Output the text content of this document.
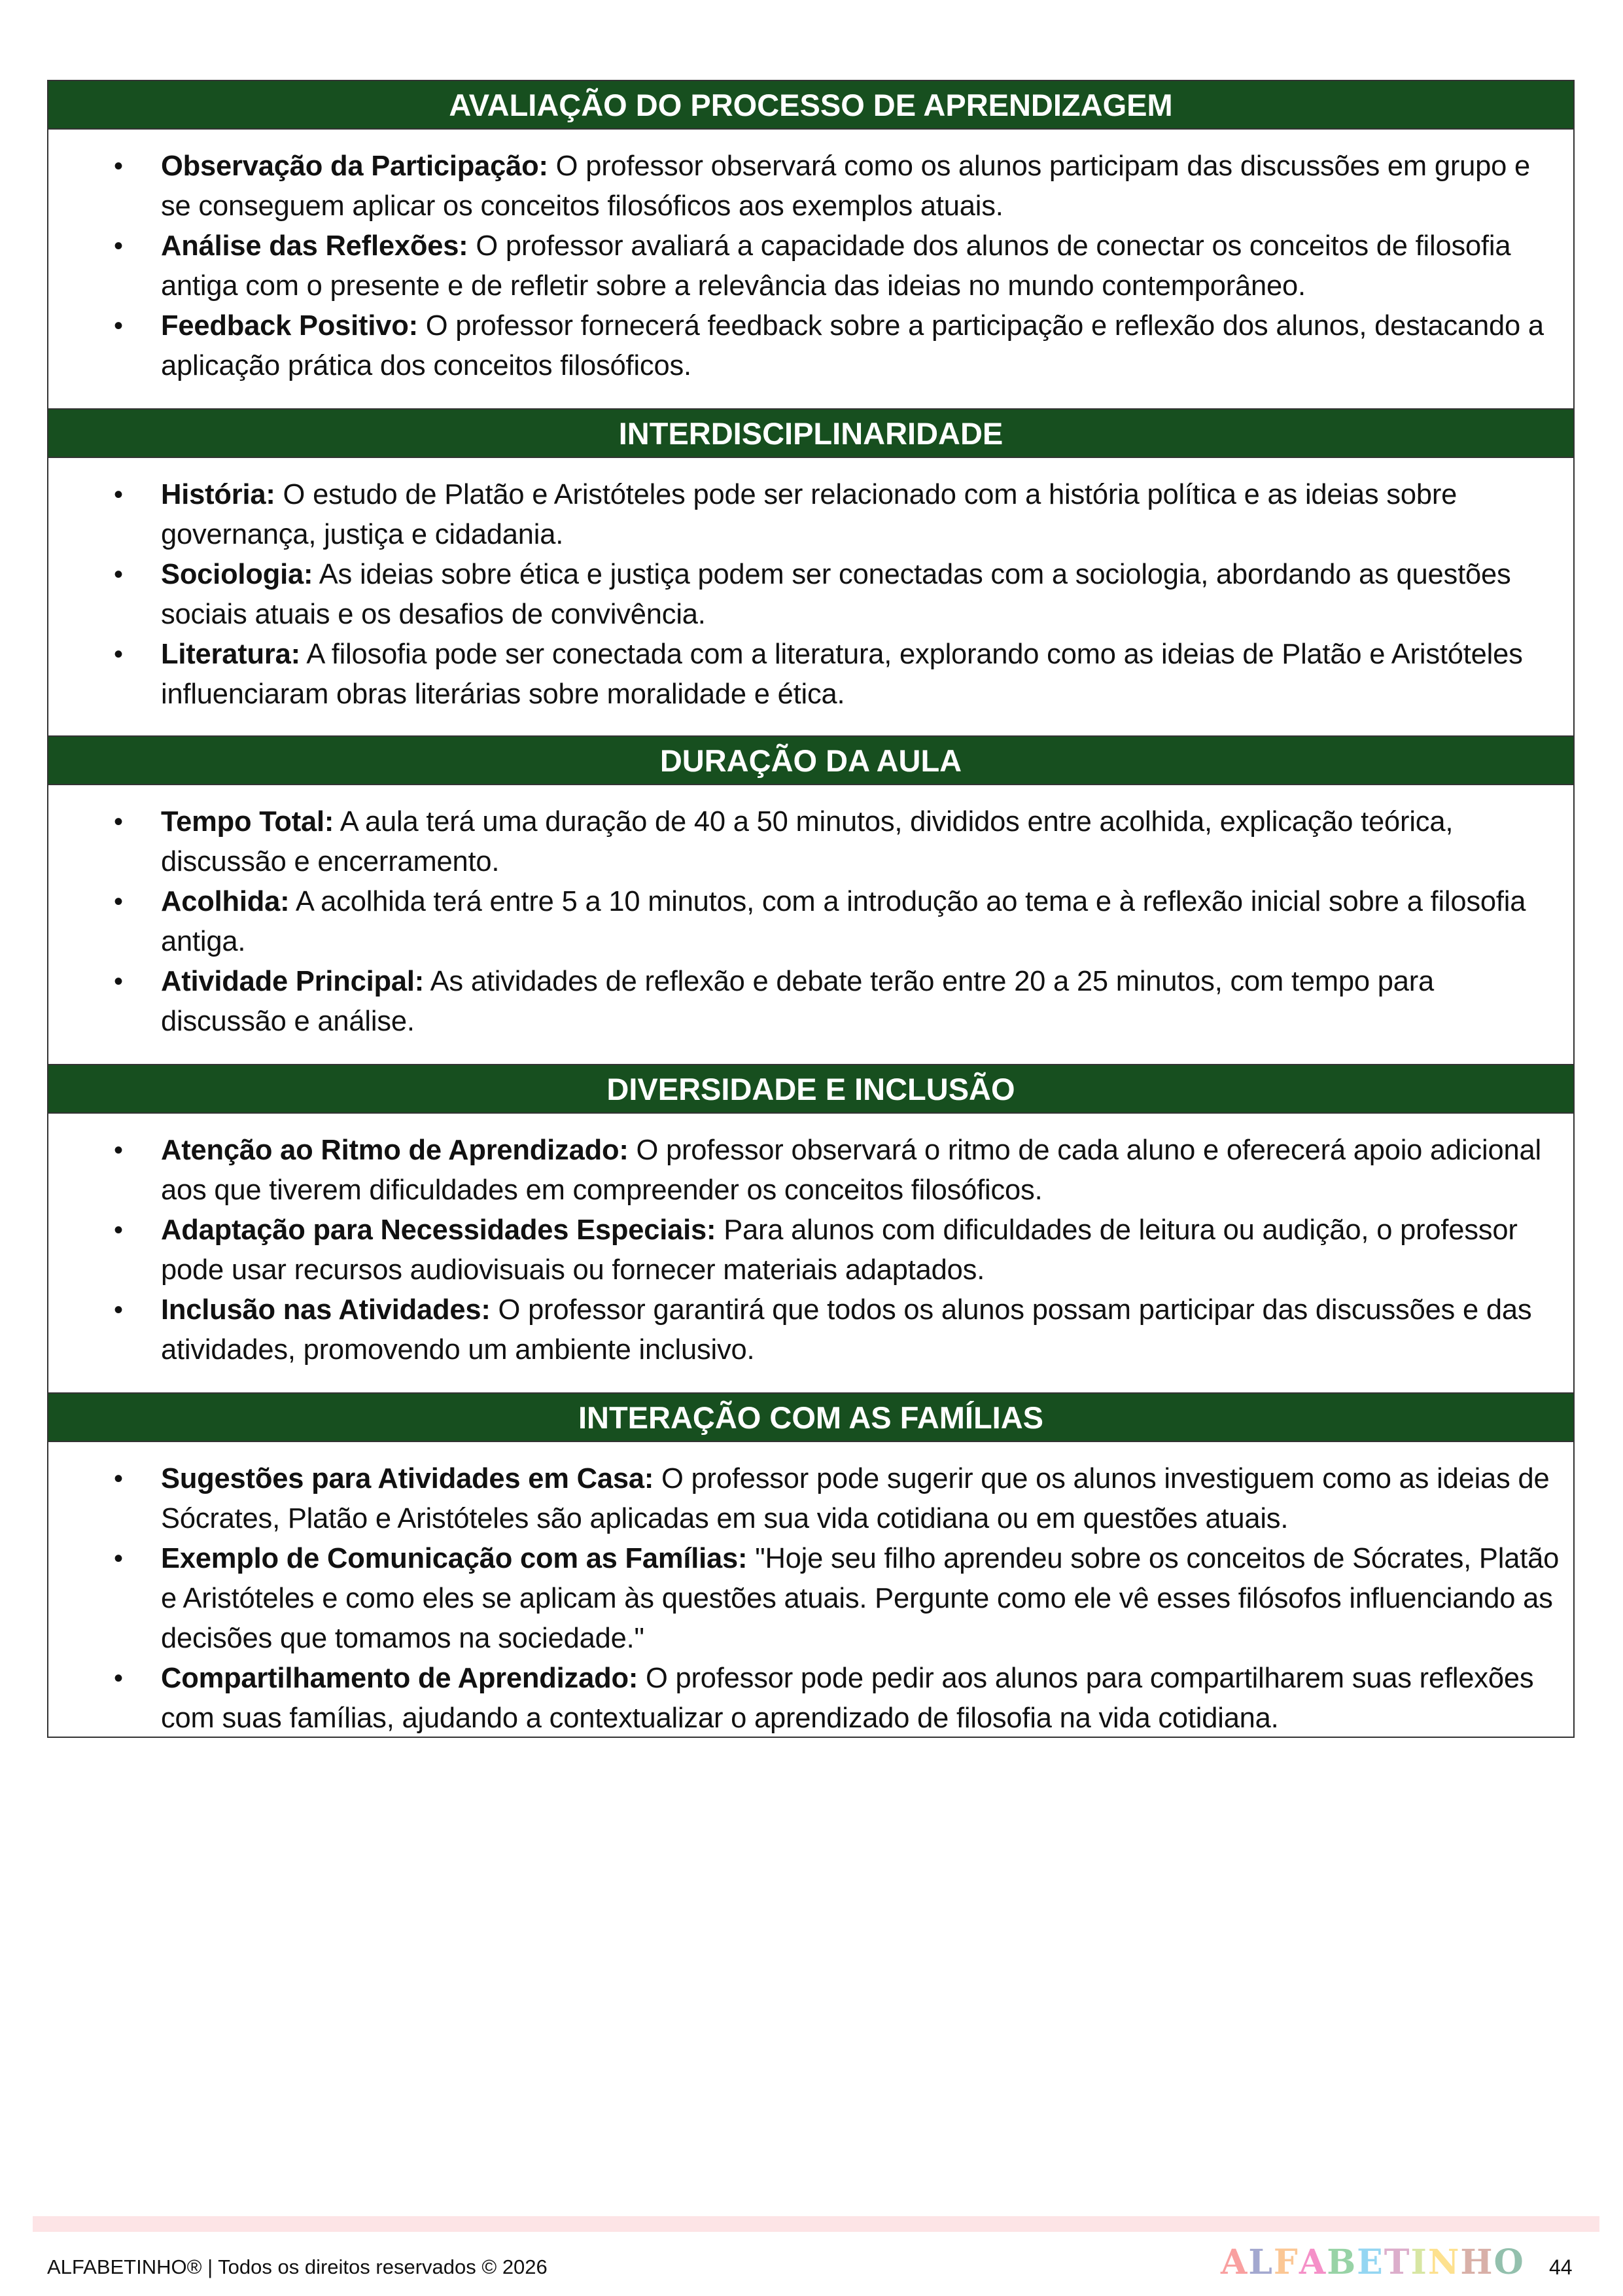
AVALIAÇÃO DO PROCESSO DE APRENDIZAGEM
• Observação da Participação: O professor observará como os alunos participam das discussões em grupo e se conseguem aplicar os conceitos filosóficos aos exemplos atuais.
• Análise das Reflexões: O professor avaliará a capacidade dos alunos de conectar os conceitos de filosofia antiga com o presente e de refletir sobre a relevância das ideias no mundo contemporâneo.
• Feedback Positivo: O professor fornecerá feedback sobre a participação e reflexão dos alunos, destacando a aplicação prática dos conceitos filosóficos.
INTERDISCIPLINARIDADE
• História: O estudo de Platão e Aristóteles pode ser relacionado com a história política e as ideias sobre governança, justiça e cidadania.
• Sociologia: As ideias sobre ética e justiça podem ser conectadas com a sociologia, abordando as questões sociais atuais e os desafios de convivência.
• Literatura: A filosofia pode ser conectada com a literatura, explorando como as ideias de Platão e Aristóteles influenciaram obras literárias sobre moralidade e ética.
DURAÇÃO DA AULA
• Tempo Total: A aula terá uma duração de 40 a 50 minutos, divididos entre acolhida, explicação teórica, discussão e encerramento.
• Acolhida: A acolhida terá entre 5 a 10 minutos, com a introdução ao tema e à reflexão inicial sobre a filosofia antiga.
• Atividade Principal: As atividades de reflexão e debate terão entre 20 a 25 minutos, com tempo para discussão e análise.
DIVERSIDADE E INCLUSÃO
• Atenção ao Ritmo de Aprendizado: O professor observará o ritmo de cada aluno e oferecerá apoio adicional aos que tiverem dificuldades em compreender os conceitos filosóficos.
• Adaptação para Necessidades Especiais: Para alunos com dificuldades de leitura ou audição, o professor pode usar recursos audiovisuais ou fornecer materiais adaptados.
• Inclusão nas Atividades: O professor garantirá que todos os alunos possam participar das discussões e das atividades, promovendo um ambiente inclusivo.
INTERAÇÃO COM AS FAMÍLIAS
• Sugestões para Atividades em Casa: O professor pode sugerir que os alunos investiguem como as ideias de Sócrates, Platão e Aristóteles são aplicadas em sua vida cotidiana ou em questões atuais.
• Exemplo de Comunicação com as Famílias: "Hoje seu filho aprendeu sobre os conceitos de Sócrates, Platão e Aristóteles e como eles se aplicam às questões atuais. Pergunte como ele vê esses filósofos influenciando as decisões que tomamos na sociedade."
• Compartilhamento de Aprendizado: O professor pode pedir aos alunos para compartilharem suas reflexões com suas famílias, ajudando a contextualizar o aprendizado de filosofia na vida cotidiana.
ALFABETINHO® | Todos os direitos reservados © 2026	ALFABETINHO 44
